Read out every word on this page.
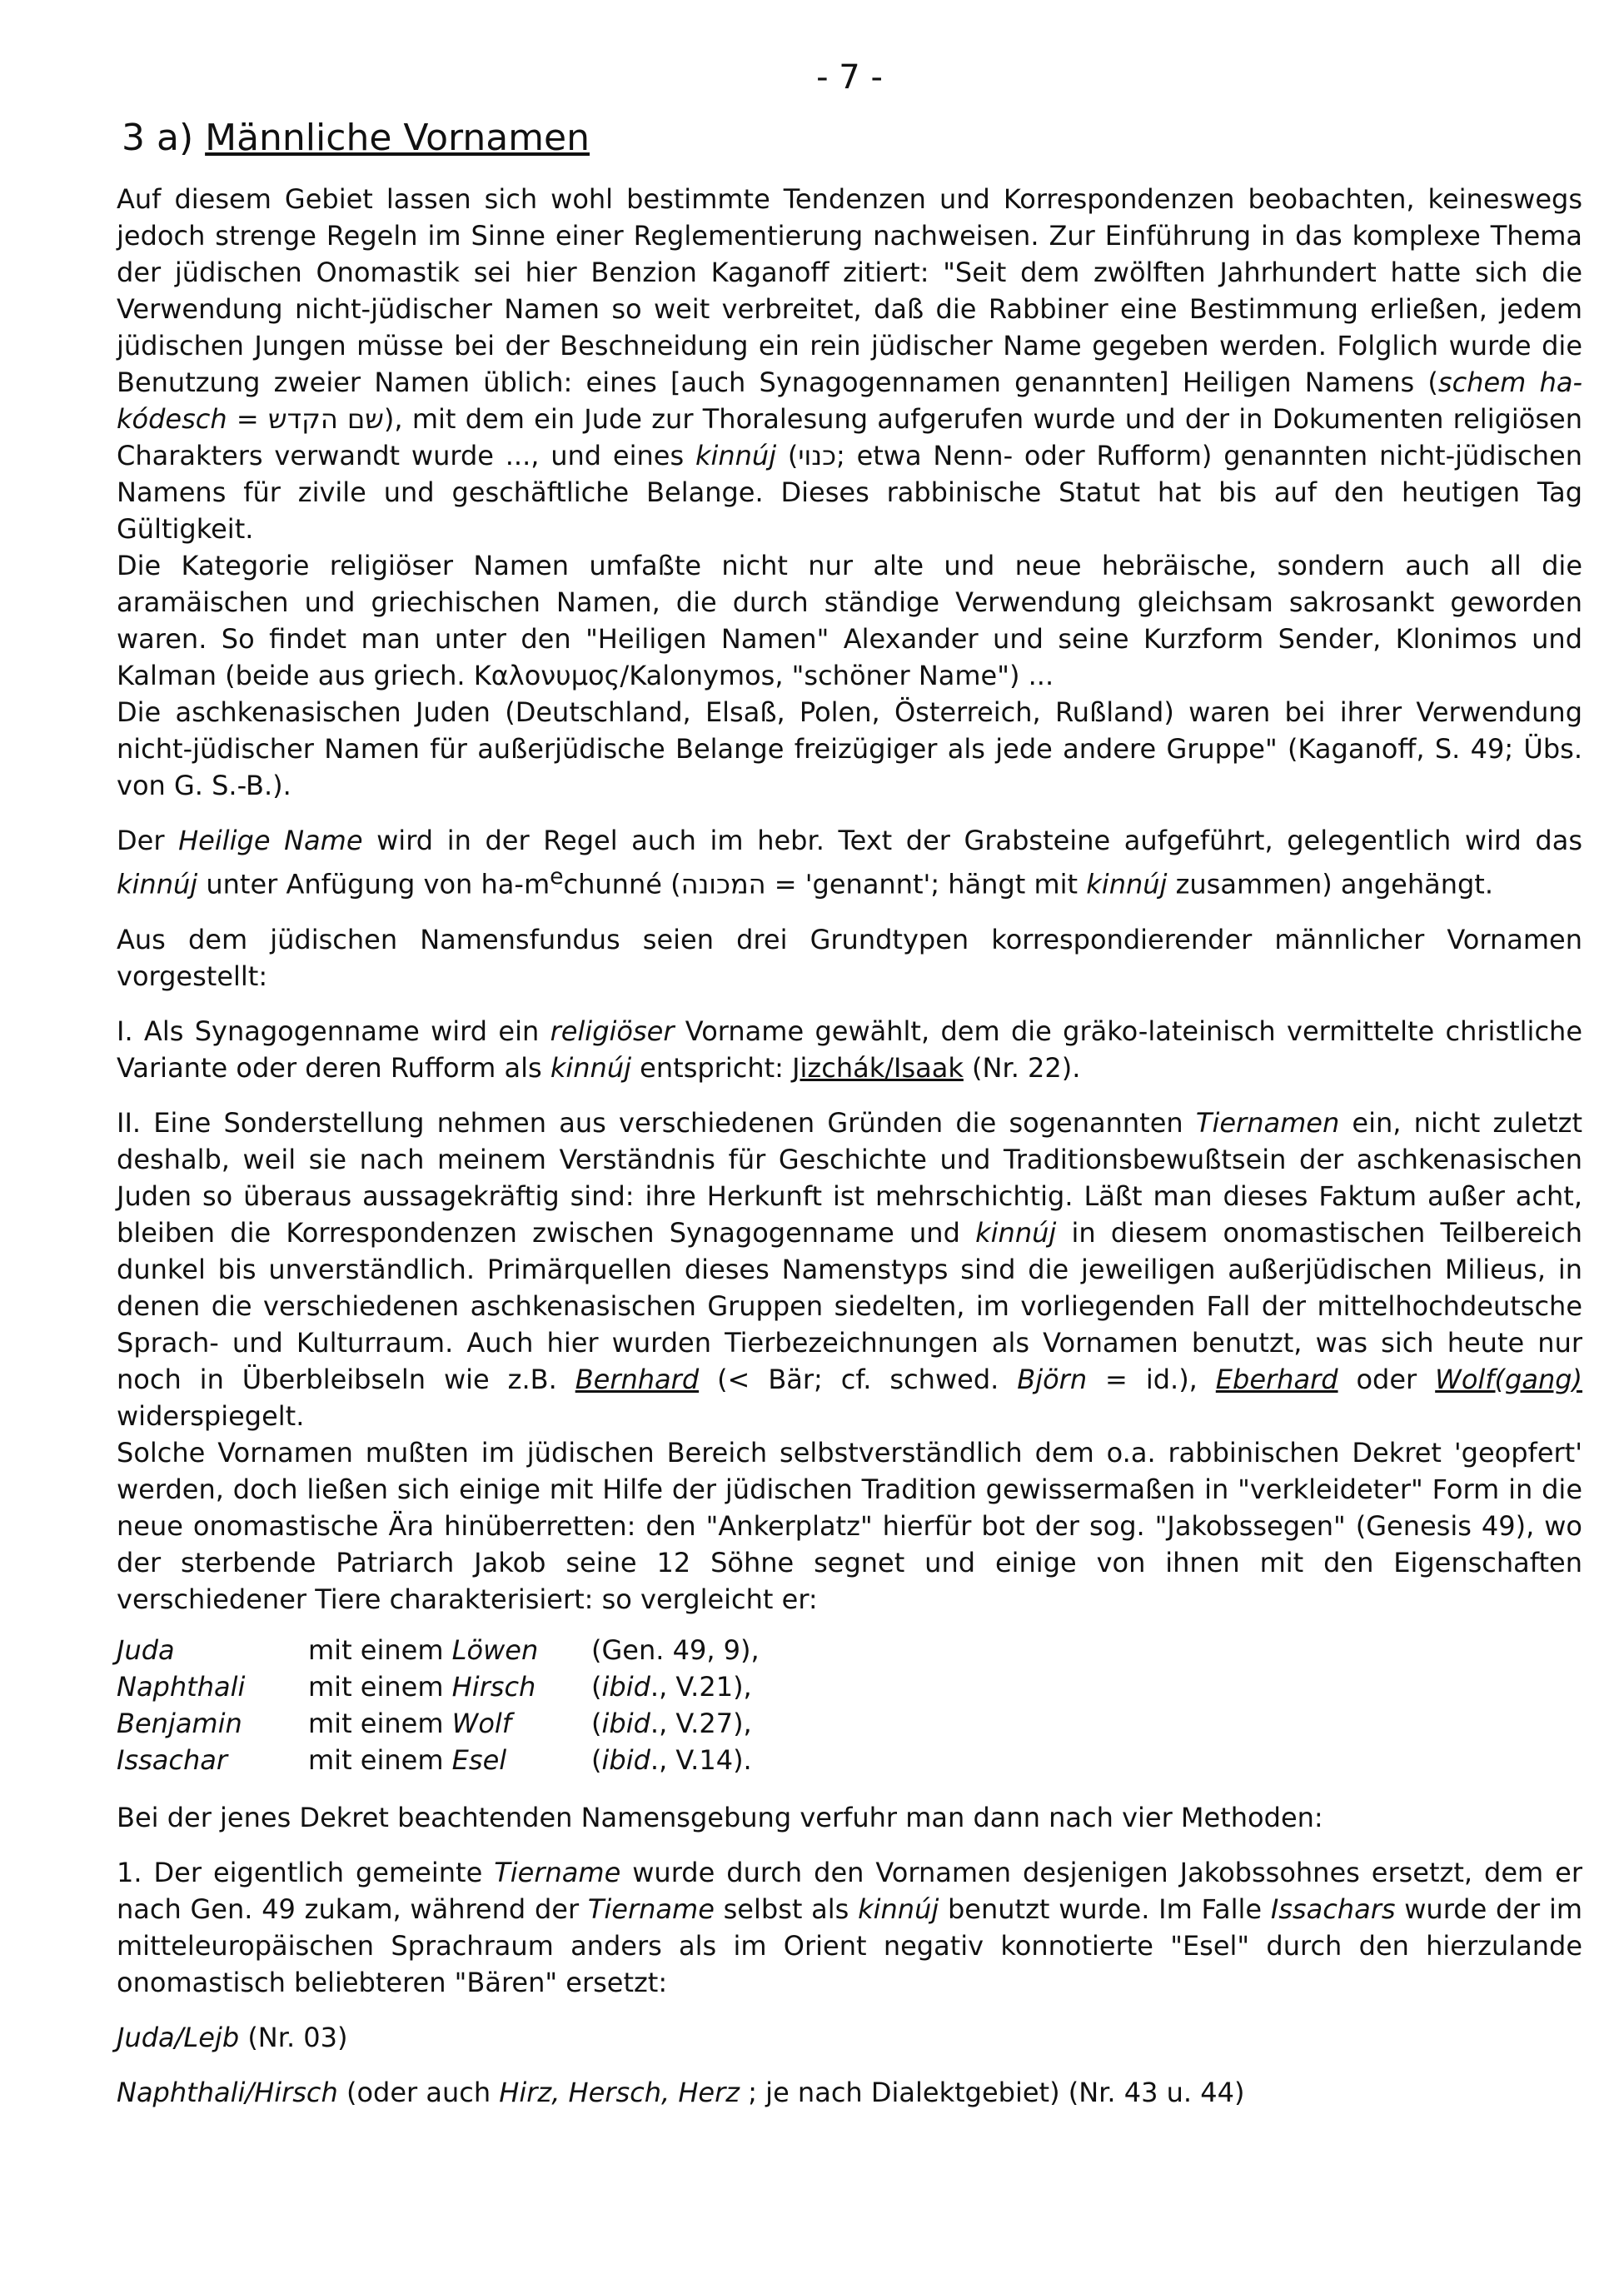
- 7 -
3 a) Männliche Vornamen

Auf diesem Gebiet lassen sich wohl bestimmte Tendenzen und Korrespondenzen beobachten, keineswegs jedoch strenge Regeln im Sinne einer Reglementierung nachweisen. Zur Einführung in das komplexe Thema der jüdischen Onomastik sei hier Benzion Kaganoff zitiert: "Seit dem zwölften Jahrhundert hatte sich die Verwendung nicht-jüdischer Namen so weit verbreitet, daß die Rabbiner eine Bestimmung erließen, jedem jüdischen Jungen müsse bei der Beschneidung ein rein jüdischer Name gegeben werden. Folglich wurde die Benutzung zweier Namen üblich: eines [auch Synagogennamen genannten] Heiligen Namens (schem ha-kódesch = שם הקדש), mit dem ein Jude zur Thoralesung aufgerufen wurde und der in Dokumenten religiösen Charakters verwandt wurde ..., und eines kinnúj (כנוי; etwa Nenn- oder Rufform) genannten nicht-jüdischen Namens für zivile und geschäftliche Belange. Dieses rabbinische Statut hat bis auf den heutigen Tag Gültigkeit.

Die Kategorie religiöser Namen umfaßte nicht nur alte und neue hebräische, sondern auch all die aramäischen und griechischen Namen, die durch ständige Verwendung gleichsam sakrosankt geworden waren. So findet man unter den "Heiligen Namen" Alexander und seine Kurzform Sender, Klonimos und Kalman (beide aus griech. Καλονυμος/Kalonymos, "schöner Name") ...

Die aschkenasischen Juden (Deutschland, Elsaß, Polen, Österreich, Rußland) waren bei ihrer Verwendung nicht-jüdischer Namen für außerjüdische Belange freizügiger als jede andere Gruppe" (Kaganoff, S. 49; Übs. von G. S.-B.).

Der Heilige Name wird in der Regel auch im hebr. Text der Grabsteine aufgeführt, gelegentlich wird das kinnúj unter Anfügung von $ha-m^echunné$ (המכונה = 'genannt'; hängt mit kinnúj zusammen) angehängt.

Aus dem jüdischen Namensfundus seien drei Grundtypen korrespondierender männlicher Vornamen vorgestellt:

I. Als Synagogenname wird ein religiöser Vorname gewählt, dem die gräko-lateinisch vermittelte christliche Variante oder deren Rufform als kinnúj entspricht: Jizchák/Isaak (Nr. 22).

II. Eine Sonderstellung nehmen aus verschiedenen Gründen die sogenannten Tiernamen ein, nicht zuletzt deshalb, weil sie nach meinem Verständnis für Geschichte und Traditionsbewußtsein der aschkenasischen Juden so überaus aussagekräftig sind: ihre Herkunft ist mehrschichtig. Läßt man dieses Faktum außer acht, bleiben die Korrespondenzen zwischen Synagogenname und kinnúj in diesem onomastischen Teilbereich dunkel bis unverständlich. Primärquellen dieses Namenstyps sind die jeweiligen außerjüdischen Milieus, in denen die verschiedenen aschkenasischen Gruppen siedelten, im vorliegenden Fall der mittelhochdeutsche Sprach- und Kulturraum. Auch hier wurden Tierbezeichnungen als Vornamen benutzt, was sich heute nur noch in Überbleibseln wie z.B. Bernhard (< Bär; cf. schwed. Björn = id.), Eberhard oder Wolf(gang) widerspiegelt.

Solche Vornamen mußten im jüdischen Bereich selbstverständlich dem o.a. rabbinischen Dekret 'geopfert' werden, doch ließen sich einige mit Hilfe der jüdischen Tradition gewissermaßen in "verkleideter" Form in die neue onomastische Ära hinüberretten: den "Ankerplatz" hierfür bot der sog. "Jakobssegen" (Genesis 49), wo der sterbende Patriarch Jakob seine 12 Söhne segnet und einige von ihnen mit den Eigenschaften verschiedener Tiere charakterisiert: so vergleicht er:

Juda	mit einem Löwen	(Gen. 49, 9),
Naphthali	mit einem Hirsch	(ibid., V.21),
Benjamin	mit einem Wolf	(ibid., V.27),
Issachar	mit einem Esel	(ibid., V.14).

Bei der jenes Dekret beachtenden Namensgebung verfuhr man dann nach vier Methoden:

1. Der eigentlich gemeinte Tiername wurde durch den Vornamen desjenigen Jakobssohnes ersetzt, dem er nach Gen. 49 zukam, während der Tiername selbst als kinnúj benutzt wurde. Im Falle Issachars wurde der im mitteleuropäischen Sprachraum anders als im Orient negativ konnotierte "Esel" durch den hierzulande onomastisch beliebteren "Bären" ersetzt:

Juda/Lejb (Nr. 03)

Naphthali/Hirsch (oder auch Hirz, Hersch, Herz ; je nach Dialektgebiet) (Nr. 43 u. 44)
